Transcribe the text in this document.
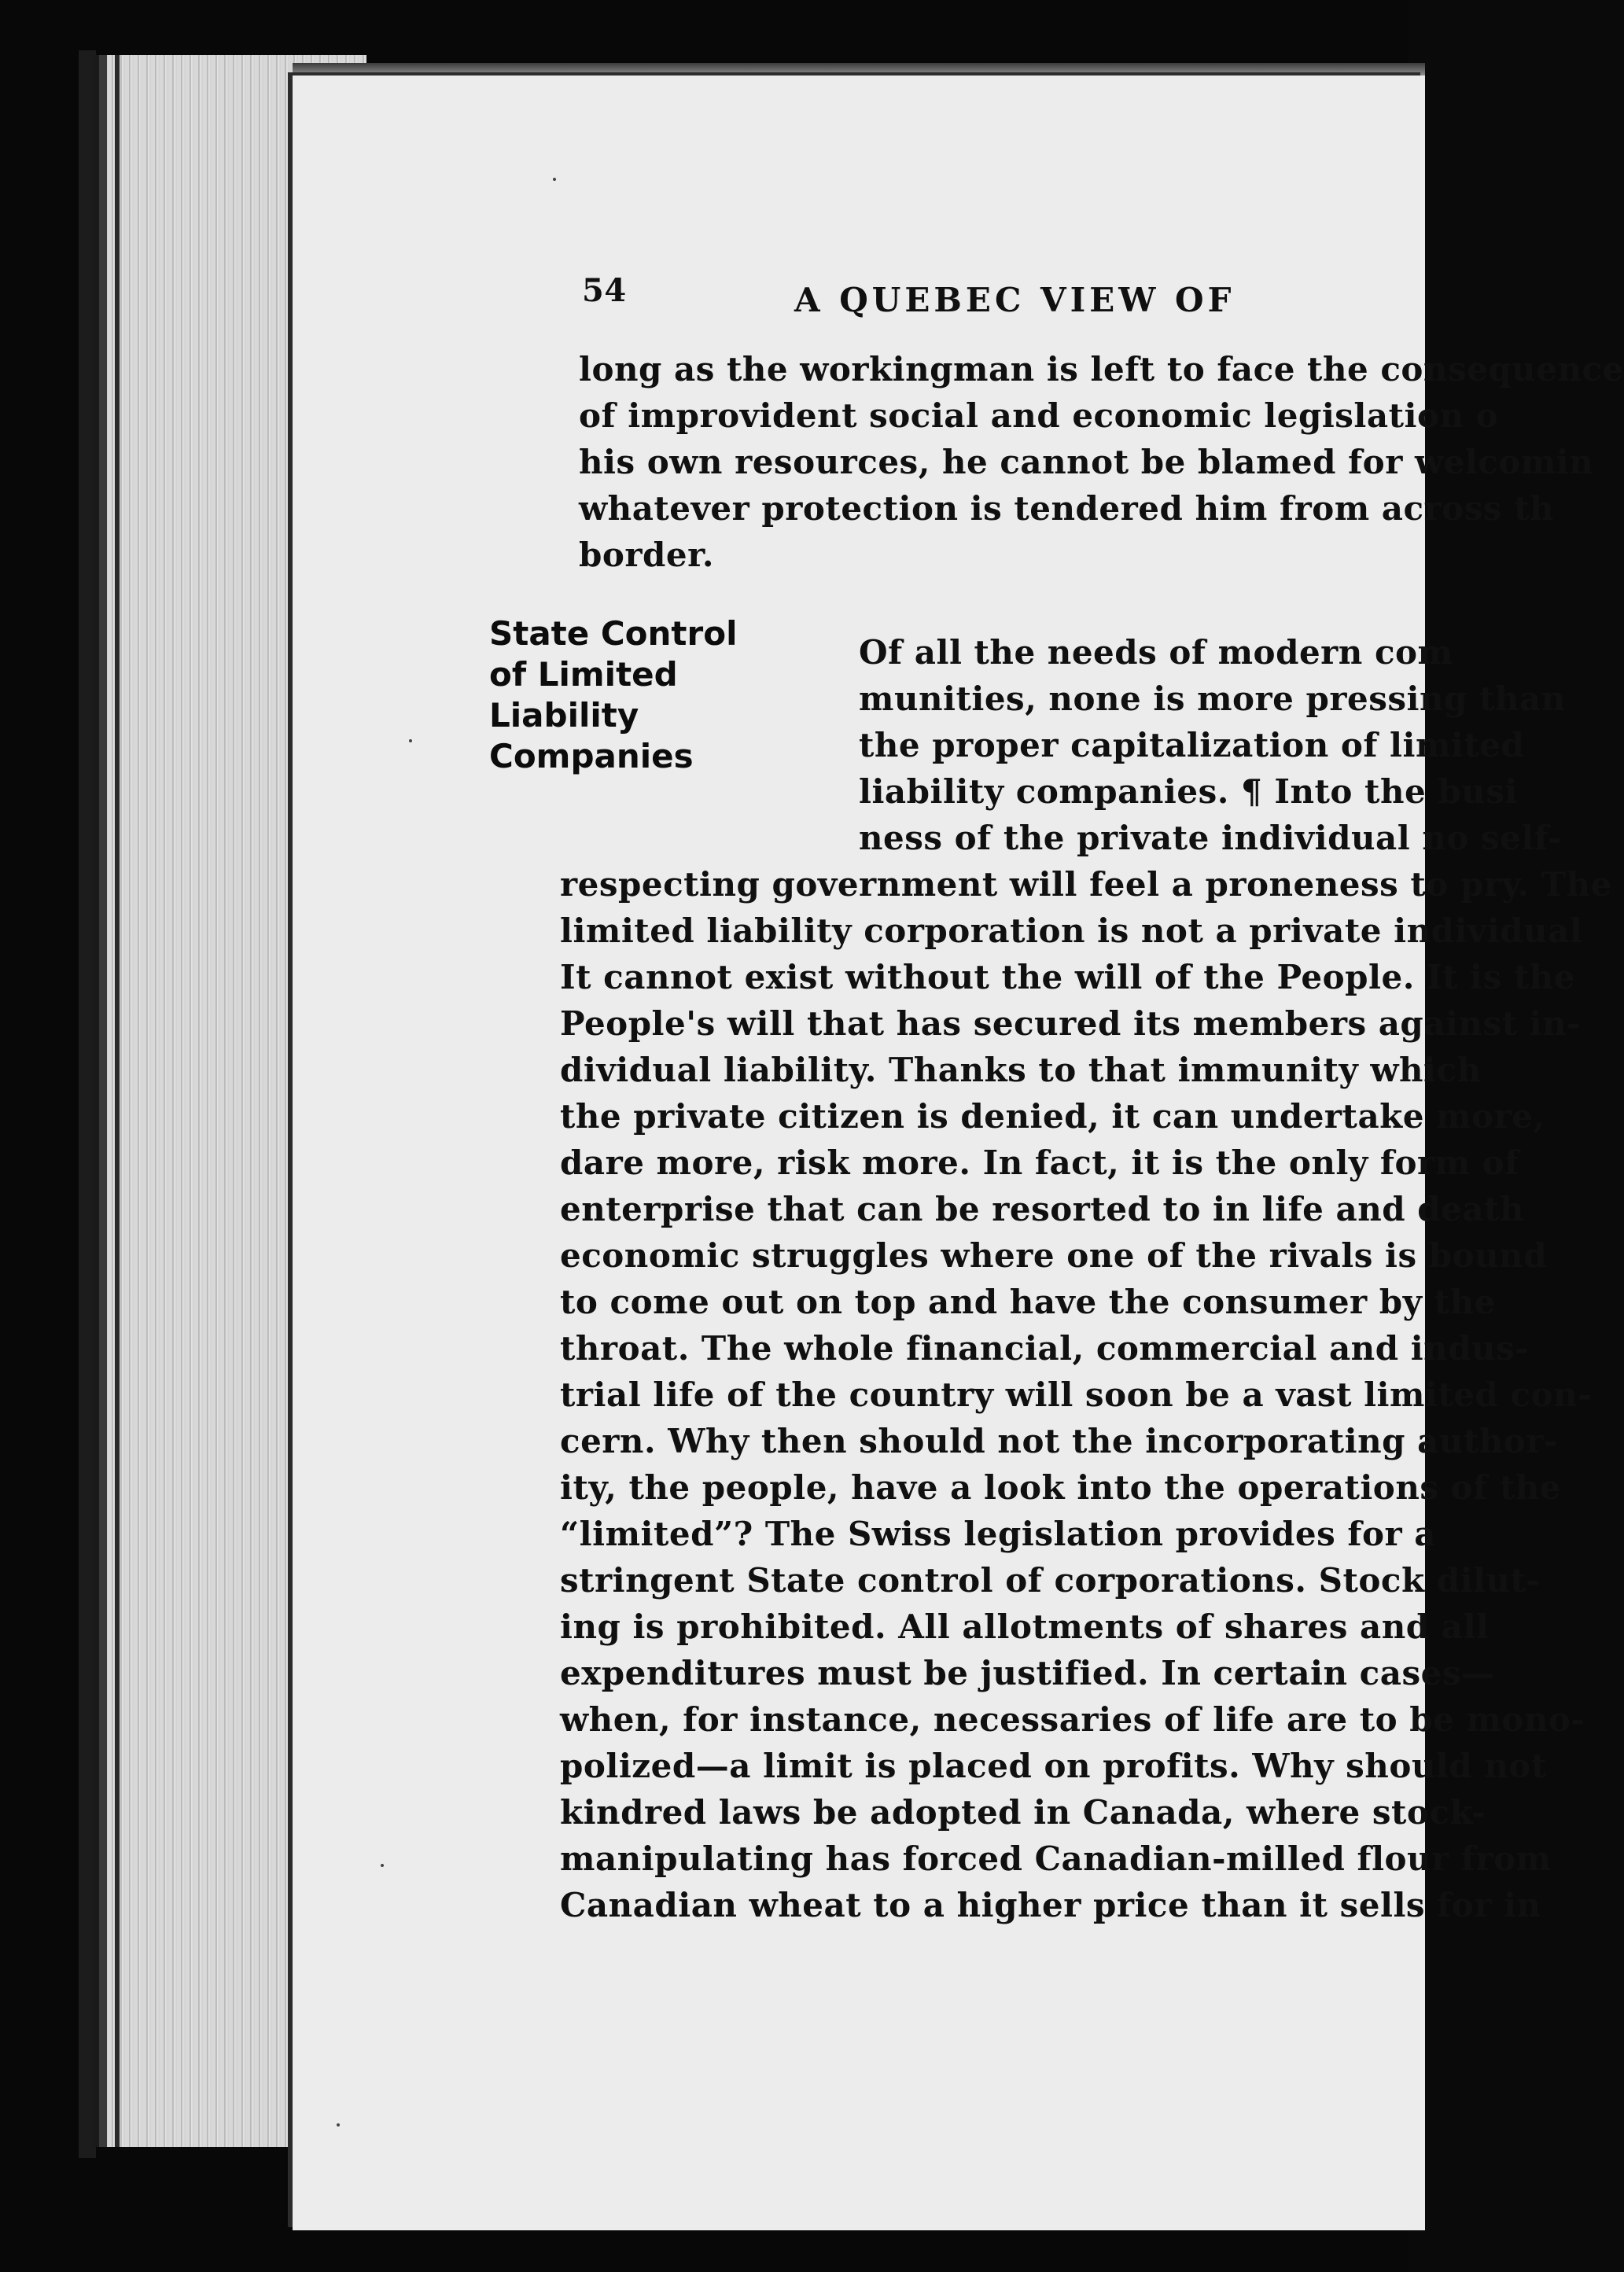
54	A QUEBEC VIEW OF
long as the workingman is left to face the consequence
of improvident social and economic legislation o
his own resources, he cannot be blamed for welcomin
whatever protection is tendered him from across th
border.
State Control
of Limited
Liability
Companies
Of all the needs of modern com
munities, none is more pressing than
the proper capitalization of limited
liability companies. ¶ Into the busi
ness of the private individual no self-
respecting government will feel a proneness to pry. The
limited liability corporation is not a private individual
It cannot exist without the will of the People. It is the
People's will that has secured its members against in-
dividual liability. Thanks to that immunity which
the private citizen is denied, it can undertake more,
dare more, risk more. In fact, it is the only form of
enterprise that can be resorted to in life and death
economic struggles where one of the rivals is bound
to come out on top and have the consumer by the
throat. The whole financial, commercial and indus-
trial life of the country will soon be a vast limited con-
cern. Why then should not the incorporating author-
ity, the people, have a look into the operations of the
“limited”? The Swiss legislation provides for a
stringent State control of corporations. Stock dilut-
ing is prohibited. All allotments of shares and all
expenditures must be justified. In certain cases—
when, for instance, necessaries of life are to be mono-
polized—a limit is placed on profits. Why should not
kindred laws be adopted in Canada, where stock-
manipulating has forced Canadian-milled flour from
Canadian wheat to a higher price than it sells for in
